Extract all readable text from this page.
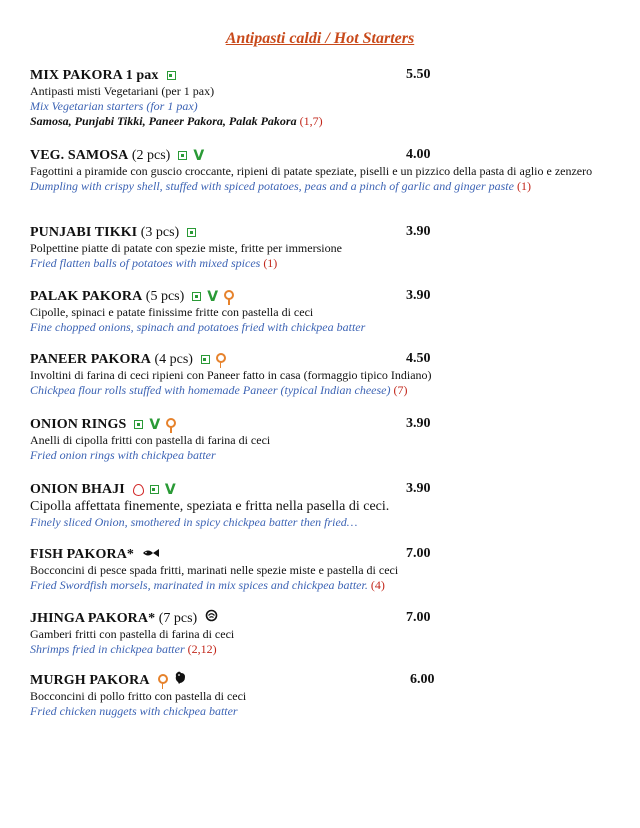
Antipasti caldi / Hot Starters
MIX PAKORA 1 pax	5.50
Antipasti misti Vegetariani (per 1 pax)
Mix Vegetarian starters (for 1 pax)
Samosa, Punjabi Tikki, Paneer Pakora, Palak Pakora (1,7)
VEG. SAMOSA (2 pcs) V	4.00
Fagottini a piramide con guscio croccante, ripieni di patate speziate, piselli e un pizzico della pasta di aglio e zenzero
Dumpling with crispy shell, stuffed with spiced potatoes, peas and a pinch of garlic and ginger paste (1)
PUNJABI TIKKI (3 pcs)	3.90
Polpettine piatte di patate con spezie miste, fritte per immersione
Fried flatten balls of potatoes with mixed spices (1)
PALAK PAKORA (5 pcs) V	3.90
Cipolle, spinaci e patate finissime fritte con pastella di ceci
Fine chopped onions, spinach and potatoes fried with chickpea batter
PANEER PAKORA (4 pcs)	4.50
Involtini di farina di ceci ripieni con Paneer fatto in casa (formaggio tipico Indiano)
Chickpea flour rolls stuffed with homemade Paneer (typical Indian cheese) (7)
ONION RINGS V	3.90
Anelli di cipolla fritti con pastella di farina di ceci
Fried onion rings with chickpea batter
ONION BHAJI	V	3.90
Cipolla affettata finemente, speziata e fritta nella pasella di ceci.
Finely sliced Onion, smothered in spicy chickpea batter then fried…
FISH PAKORA*	7.00
Bocconcini di pesce spada fritti, marinati nelle spezie miste e pastella di ceci
Fried Swordfish morsels, marinated in mix spices and chickpea batter. (4)
JHINGA PAKORA* (7 pcs)	7.00
Gamberi fritti con pastella di farina di ceci
Shrimps fried in chickpea batter (2,12)
MURGH PAKORA	6.00
Bocconcini di pollo fritto con pastella di ceci
Fried chicken nuggets with chickpea batter
